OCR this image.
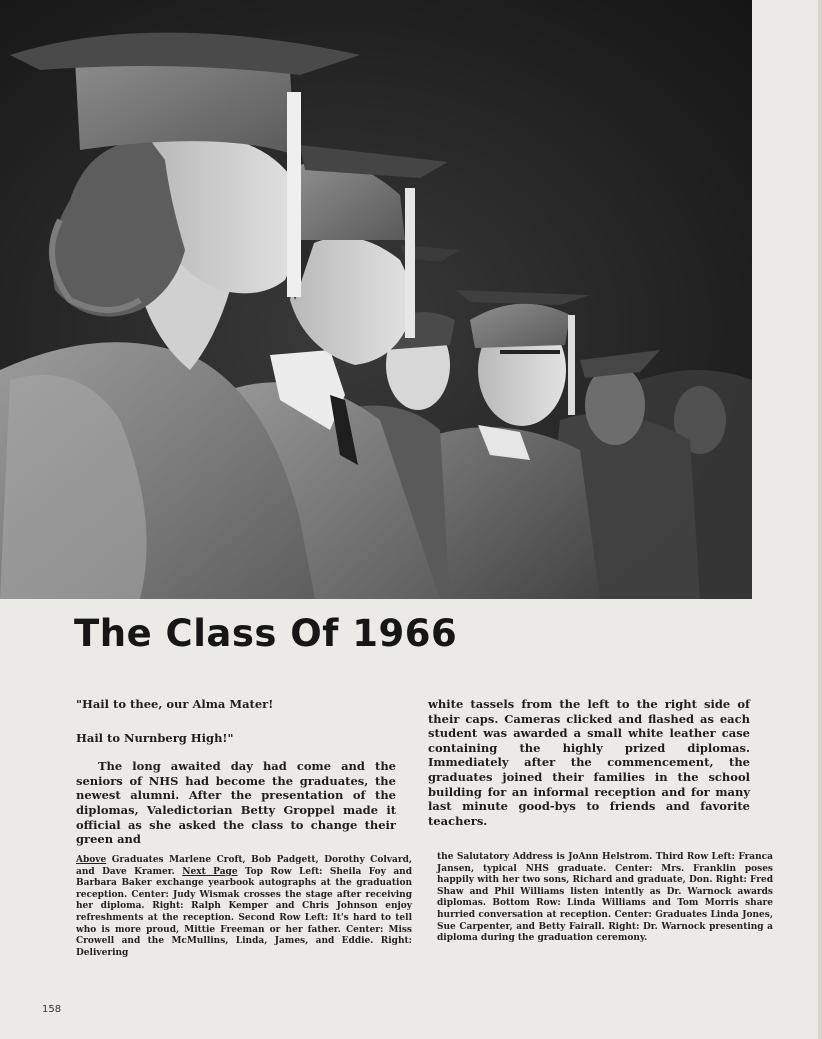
The Class Of 1966

"Hail to thee, our Alma Mater!

Hail to Nurnberg High!"

The long awaited day had come and the seniors of NHS had become the graduates, the newest alumni. After the presentation of the diplomas, Valedictorian Betty Groppel made it official as she asked the class to change their green and

white tassels from the left to the right side of their caps. Cameras clicked and flashed as each student was awarded a small white leather case containing the highly prized diplomas. Immediately after the commencement, the graduates joined their families in the school building for an informal reception and for many last minute good-bys to friends and favorite teachers.

Above Graduates Marlene Croft, Bob Padgett, Dorothy Colvard, and Dave Kramer. Next Page Top Row Left: Sheila Foy and Barbara Baker exchange yearbook autographs at the graduation reception. Center: Judy Wismak crosses the stage after receiving her diploma. Right: Ralph Kemper and Chris Johnson enjoy refreshments at the reception. Second Row Left: It's hard to tell who is more proud, Mittie Freeman or her father. Center: Miss Crowell and the McMullins, Linda, James, and Eddie. Right: Delivering
the Salutatory Address is JoAnn Helstrom. Third Row Left: Franca Jansen, typical NHS graduate. Center: Mrs. Franklin poses happily with her two sons, Richard and graduate, Don. Right: Fred Shaw and Phil Williams listen intently as Dr. Warnock awards diplomas. Bottom Row: Linda Williams and Tom Morris share hurried conversation at reception. Center: Graduates Linda Jones, Sue Carpenter, and Betty Fairall. Right: Dr. Warnock presenting a diploma during the graduation ceremony.
158
